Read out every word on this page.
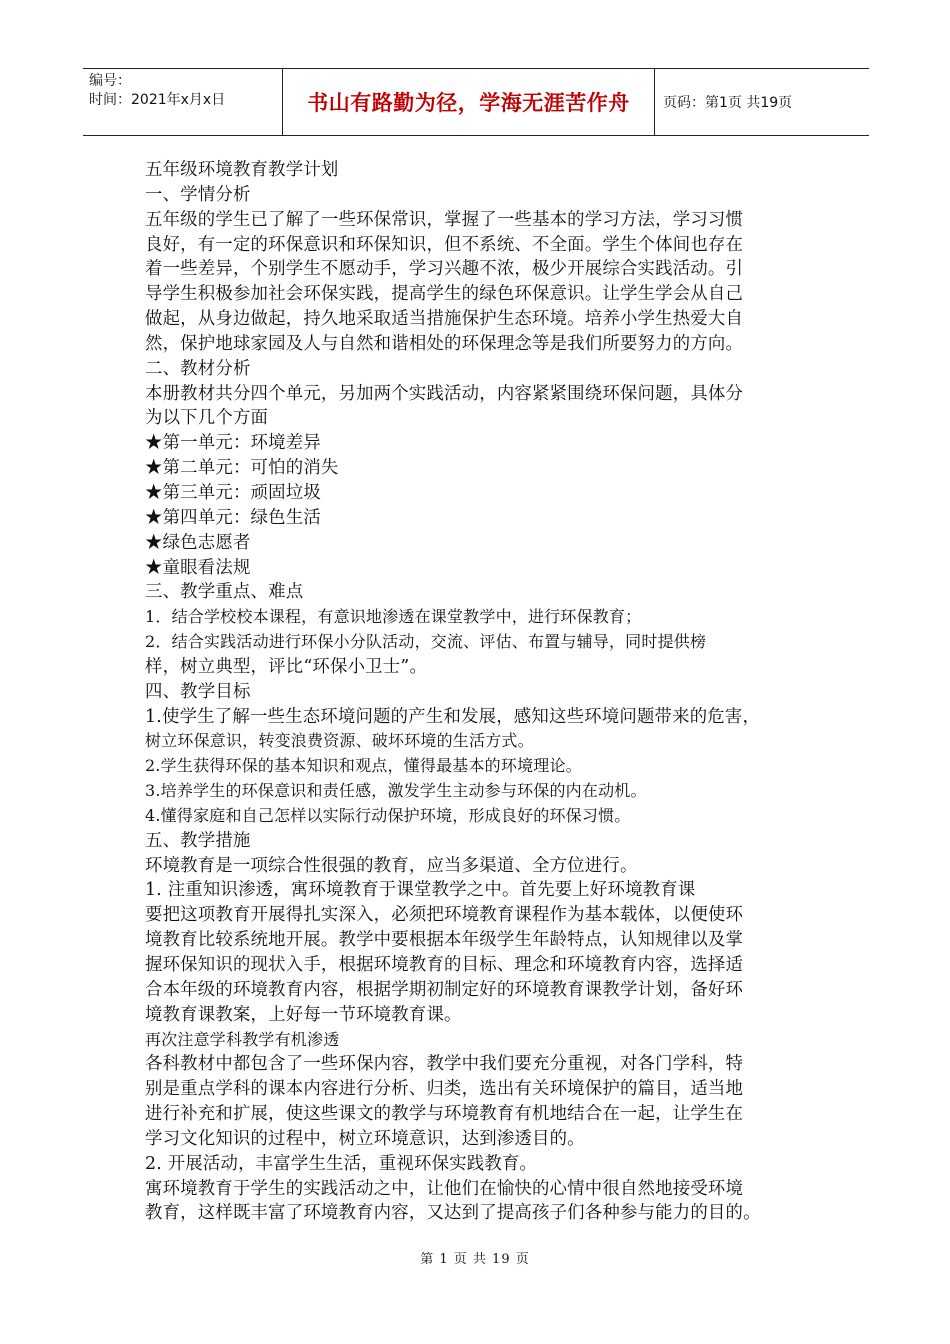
编号：
时间：2021年x月x日	书山有路勤为径，学海无涯苦作舟 页码：第1页 共19页

五年级环境教育教学计划

一、学情分析

五年级的学生已了解了一些环保常识，掌握了一些基本的学习方法，学习习惯

良好，有一定的环保意识和环保知识，但不系统、不全面。学生个体间也存在

着一些差异，个别学生不愿动手，学习兴趣不浓，极少开展综合实践活动。引

导学生积极参加社会环保实践，提高学生的绿色环保意识。让学生学会从自己

做起，从身边做起，持久地采取适当措施保护生态环境。培养小学生热爱大自

然，保护地球家园及人与自然和谐相处的环保理念等是我们所要努力的方向。

二、教材分析

本册教材共分四个单元，另加两个实践活动，内容紧紧围绕环保问题，具体分

为以下几个方面

★第一单元：环境差异

★第二单元：可怕的消失

★第三单元：顽固垃圾

★第四单元：绿色生活

★绿色志愿者

★童眼看法规

三、教学重点、难点

1．结合学校校本课程，有意识地渗透在课堂教学中，进行环保教育；

2．结合实践活动进行环保小分队活动，交流、评估、布置与辅导，同时提供榜

样，树立典型，评比“环保小卫士”。

四、教学目标

1.使学生了解一些生态环境问题的产生和发展，感知这些环境问题带来的危害，

树立环保意识，转变浪费资源、破坏环境的生活方式。

2.学生获得环保的基本知识和观点，懂得最基本的环境理论。

3.培养学生的环保意识和责任感，激发学生主动参与环保的内在动机。

4.懂得家庭和自己怎样以实际行动保护环境，形成良好的环保习惯。

五、教学措施

环境教育是一项综合性很强的教育，应当多渠道、全方位进行。

1. 注重知识渗透，寓环境教育于课堂教学之中。首先要上好环境教育课

要把这项教育开展得扎实深入，必须把环境教育课程作为基本载体，以便使环

境教育比较系统地开展。教学中要根据本年级学生年龄特点，认知规律以及掌

握环保知识的现状入手，根据环境教育的目标、理念和环境教育内容，选择适

合本年级的环境教育内容，根据学期初制定好的环境教育课教学计划，备好环

境教育课教案，上好每一节环境教育课。

再次注意学科教学有机渗透

各科教材中都包含了一些环保内容，教学中我们要充分重视，对各门学科，特

别是重点学科的课本内容进行分析、归类，选出有关环境保护的篇目，适当地

进行补充和扩展，使这些课文的教学与环境教育有机地结合在一起，让学生在

学习文化知识的过程中，树立环境意识，达到渗透目的。

2. 开展活动，丰富学生生活，重视环保实践教育。

寓环境教育于学生的实践活动之中，让他们在愉快的心情中很自然地接受环境

教育，这样既丰富了环境教育内容，又达到了提高孩子们各种参与能力的目的。

第 1 页 共 19 页
